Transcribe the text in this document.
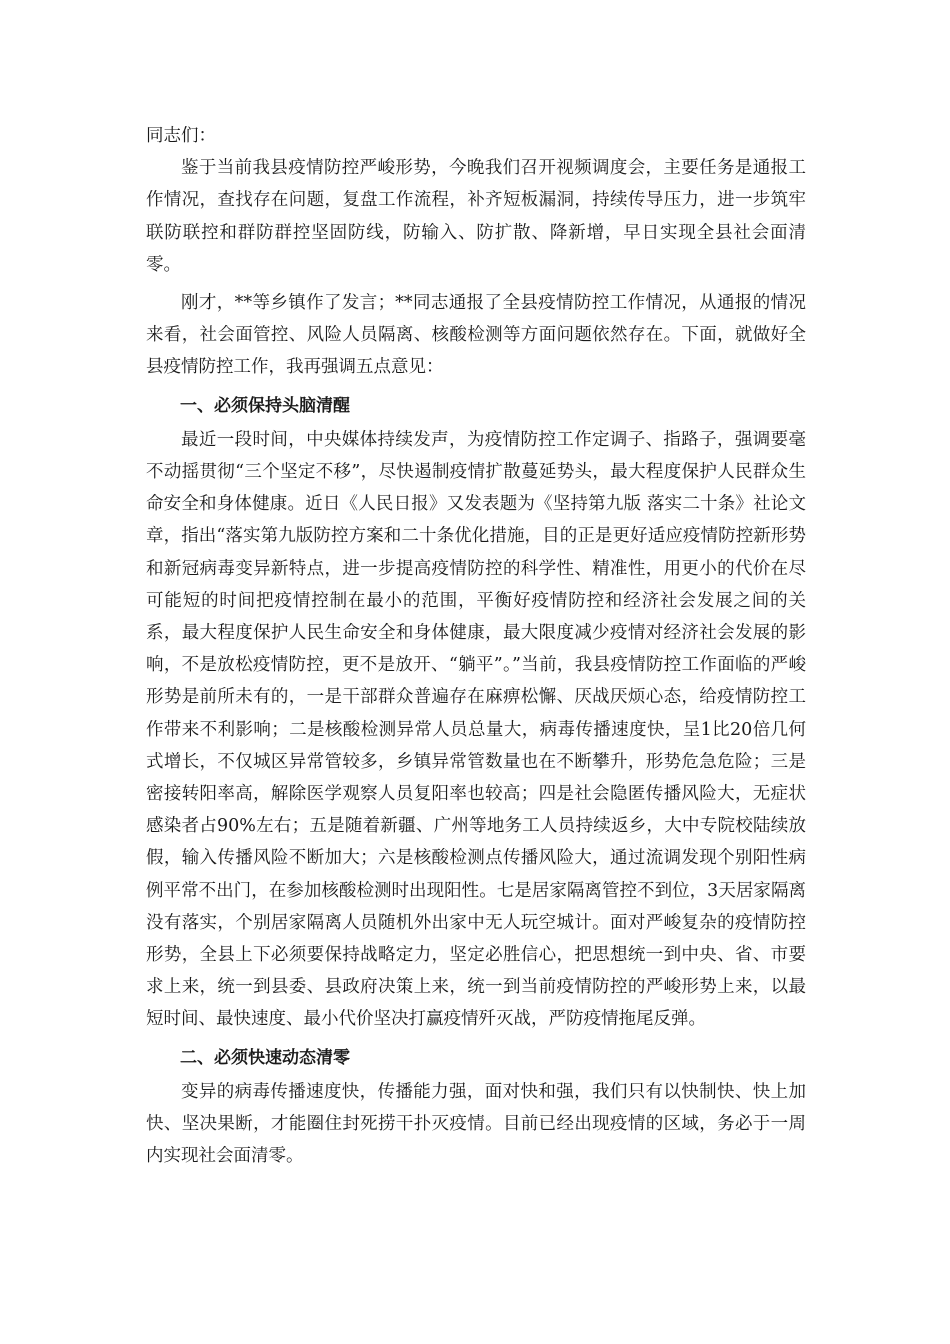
同志们：

鉴于当前我县疫情防控严峻形势，今晚我们召开视频调度会，主要任务是通报工作情况，查找存在问题，复盘工作流程，补齐短板漏洞，持续传导压力，进一步筑牢联防联控和群防群控坚固防线，防输入、防扩散、降新增，早日实现全县社会面清零。

刚才，**等乡镇作了发言；**同志通报了全县疫情防控工作情况，从通报的情况来看，社会面管控、风险人员隔离、核酸检测等方面问题依然存在。下面，就做好全县疫情防控工作，我再强调五点意见：

一、必须保持头脑清醒

最近一段时间，中央媒体持续发声，为疫情防控工作定调子、指路子，强调要毫不动摇贯彻“三个坚定不移”，尽快遏制疫情扩散蔓延势头，最大程度保护人民群众生命安全和身体健康。近日《人民日报》又发表题为《坚持第九版 落实二十条》社论文章，指出“落实第九版防控方案和二十条优化措施，目的正是更好适应疫情防控新形势和新冠病毒变异新特点，进一步提高疫情防控的科学性、精准性，用更小的代价在尽可能短的时间把疫情控制在最小的范围，平衡好疫情防控和经济社会发展之间的关系，最大程度保护人民生命安全和身体健康，最大限度减少疫情对经济社会发展的影响，不是放松疫情防控，更不是放开、“躺平”。”当前，我县疫情防控工作面临的严峻形势是前所未有的，一是干部群众普遍存在麻痹松懈、厌战厌烦心态，给疫情防控工作带来不利影响；二是核酸检测异常人员总量大，病毒传播速度快，呈1比20倍几何式增长，不仅城区异常管较多，乡镇异常管数量也在不断攀升，形势危急危险；三是密接转阳率高，解除医学观察人员复阳率也较高；四是社会隐匿传播风险大，无症状感染者占90%左右；五是随着新疆、广州等地务工人员持续返乡，大中专院校陆续放假，输入传播风险不断加大；六是核酸检测点传播风险大，通过流调发现个别阳性病例平常不出门，在参加核酸检测时出现阳性。七是居家隔离管控不到位，3天居家隔离没有落实，个别居家隔离人员随机外出家中无人玩空城计。面对严峻复杂的疫情防控形势，全县上下必须要保持战略定力，坚定必胜信心，把思想统一到中央、省、市要求上来，统一到县委、县政府决策上来，统一到当前疫情防控的严峻形势上来，以最短时间、最快速度、最小代价坚决打赢疫情歼灭战，严防疫情拖尾反弹。

二、必须快速动态清零

变异的病毒传播速度快，传播能力强，面对快和强，我们只有以快制快、快上加快、坚决果断，才能圈住封死捞干扑灭疫情。目前已经出现疫情的区域，务必于一周内实现社会面清零。
